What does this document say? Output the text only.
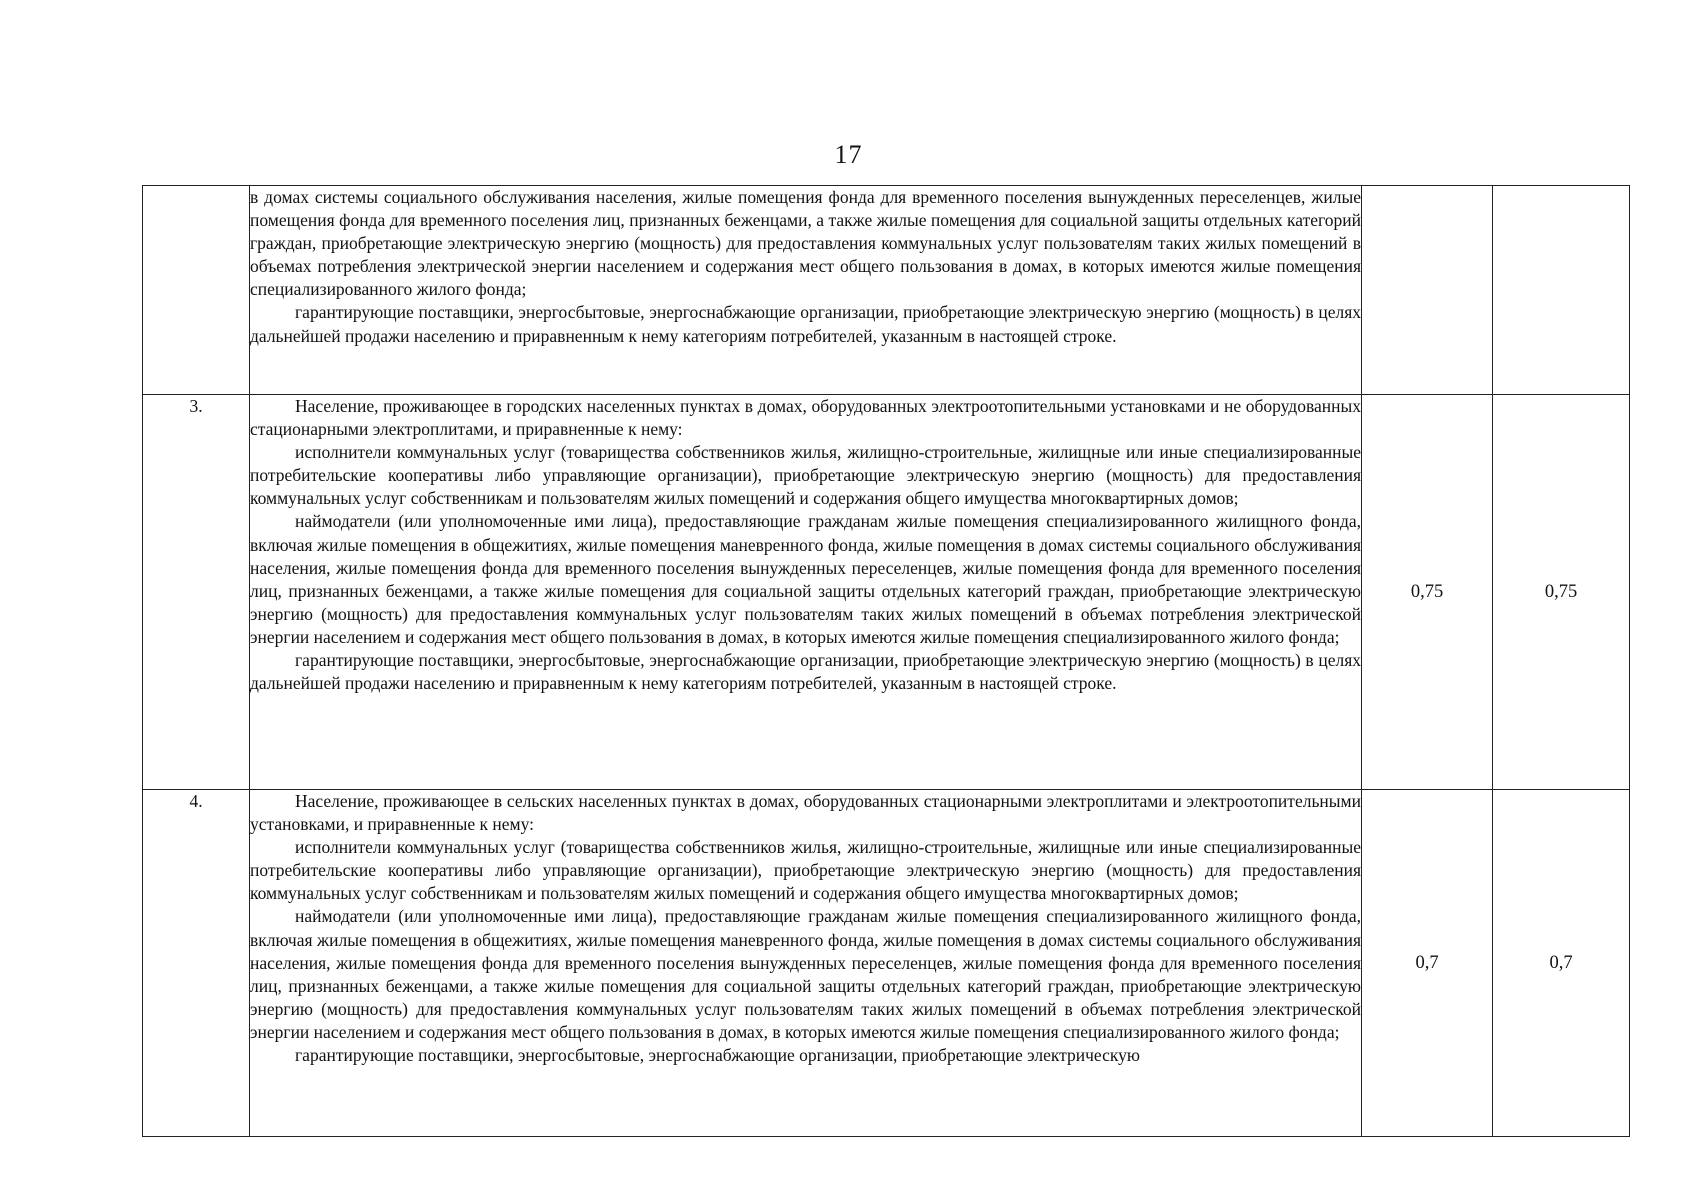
17

	в домах системы социального обслуживания населения, жилые помещения фонда для временного поселения вынужденных переселенцев, жилые помещения фонда для временного поселения лиц, признанных беженцами, а также жилые помещения для социальной защиты отдельных категорий граждан, приобретающие электрическую энергию (мощность) для предоставления коммунальных услуг пользователям таких жилых помещений в объемах потребления электрической энергии населением и содержания мест общего пользования в домах, в которых имеются жилые помещения специализированного жилого фонда;

гарантирующие поставщики, энергосбытовые, энергоснабжающие организации, приобретающие электрическую энергию (мощность) в целях дальнейшей продажи населению и приравненным к нему категориям потребителей, указанным в настоящей строке.		

3.	Население, проживающее в городских населенных пунктах в домах, оборудованных электроотопительными установками и не оборудованных стационарными электроплитами, и приравненные к нему:

исполнители коммунальных услуг (товарищества собственников жилья, жилищно-строительные, жилищные или иные специализированные потребительские кооперативы либо управляющие организации), приобретающие электрическую энергию (мощность) для предоставления коммунальных услуг собственникам и пользователям жилых помещений и содержания общего имущества многоквартирных домов;

наймодатели (или уполномоченные ими лица), предоставляющие гражданам жилые помещения специализированного жилищного фонда, включая жилые помещения в общежитиях, жилые помещения маневренного фонда, жилые помещения в домах системы социального обслуживания населения, жилые помещения фонда для временного поселения вынужденных переселенцев, жилые помещения фонда для временного поселения лиц, признанных беженцами, а также жилые помещения для социальной защиты отдельных категорий граждан, приобретающие электрическую энергию (мощность) для предоставления коммунальных услуг пользователям таких жилых помещений в объемах потребления электрической энергии населением и содержания мест общего пользования в домах, в которых имеются жилые помещения специализированного жилого фонда;

гарантирующие поставщики, энергосбытовые, энергоснабжающие организации, приобретающие электрическую энергию (мощность) в целях дальнейшей продажи населению и приравненным к нему категориям потребителей, указанным в настоящей строке.	0,75	0,75
4.	Население, проживающее в сельских населенных пунктах в домах, оборудованных стационарными электроплитами и электроотопительными установками, и приравненные к нему:

исполнители коммунальных услуг (товарищества собственников жилья, жилищно-строительные, жилищные или иные специализированные потребительские кооперативы либо управляющие организации), приобретающие электрическую энергию (мощность) для предоставления коммунальных услуг собственникам и пользователям жилых помещений и содержания общего имущества многоквартирных домов;

наймодатели (или уполномоченные ими лица), предоставляющие гражданам жилые помещения специализированного жилищного фонда, включая жилые помещения в общежитиях, жилые помещения маневренного фонда, жилые помещения в домах системы социального обслуживания населения, жилые помещения фонда для временного поселения вынужденных переселенцев, жилые помещения фонда для временного поселения лиц, признанных беженцами, а также жилые помещения для социальной защиты отдельных категорий граждан, приобретающие электрическую энергию (мощность) для предоставления коммунальных услуг пользователям таких жилых помещений в объемах потребления электрической энергии населением и содержания мест общего пользования в домах, в которых имеются жилые помещения специализированного жилого фонда;

гарантирующие поставщики, энергосбытовые, энергоснабжающие организации, приобретающие электрическую	0,7	0,7
